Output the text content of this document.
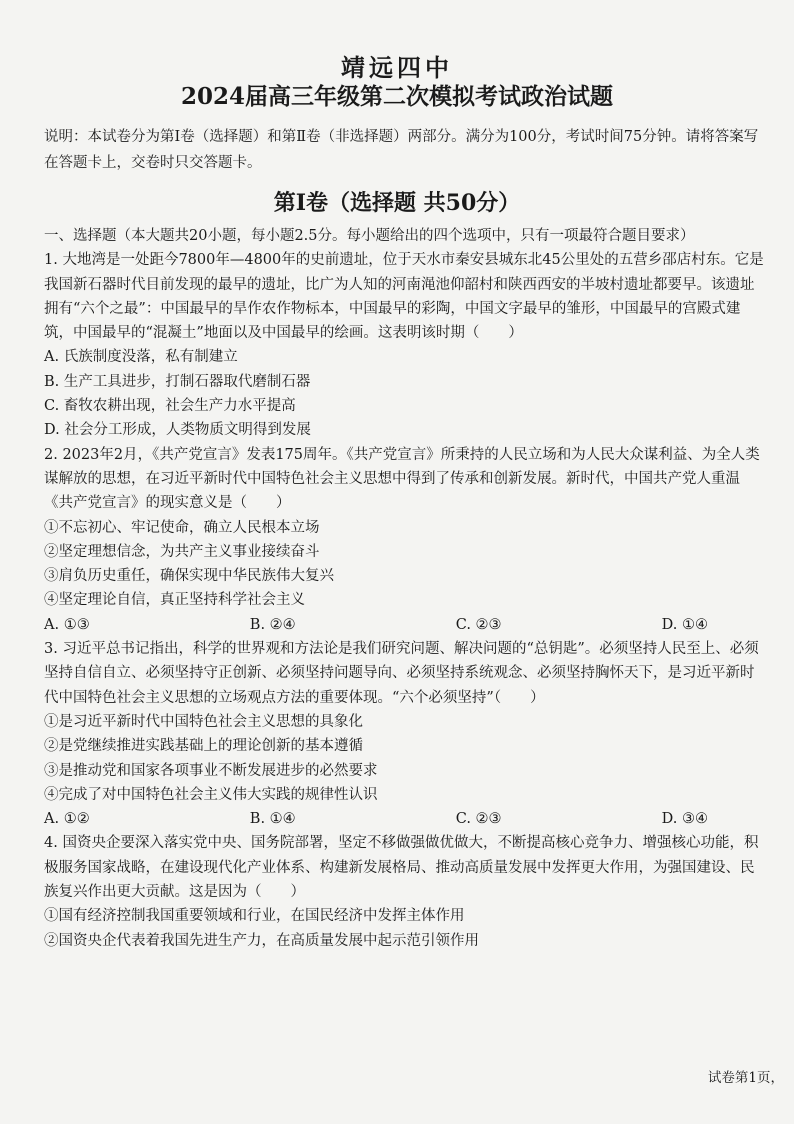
靖远四中
2024届高三年级第二次模拟考试政治试题
说明：本试卷分为第Ⅰ卷（选择题）和第Ⅱ卷（非选择题）两部分。满分为100分，考试时间75分钟。请将答案写在答题卡上，交卷时只交答题卡。
第Ⅰ卷（选择题 共50分）

一、选择题（本大题共20小题，每小题2.5分。每小题给出的四个选项中，只有一项最符合题目要求）

1. 大地湾是一处距今7800年—4800年的史前遗址，位于天水市秦安县城东北45公里处的五营乡邵店村东。它是我国新石器时代目前发现的最早的遗址，比广为人知的河南渑池仰韶村和陕西西安的半坡村遗址都要早。该遗址拥有“六个之最”：中国最早的旱作农作物标本，中国最早的彩陶，中国文字最早的雏形，中国最早的宫殿式建筑，中国最早的“混凝土”地面以及中国最早的绘画。这表明该时期（　　）

A. 氏族制度没落，私有制建立

B. 生产工具进步，打制石器取代磨制石器

C. 畜牧农耕出现，社会生产力水平提高

D. 社会分工形成，人类物质文明得到发展

2. 2023年2月，《共产党宣言》发表175周年。《共产党宣言》所秉持的人民立场和为人民大众谋利益、为全人类谋解放的思想，在习近平新时代中国特色社会主义思想中得到了传承和创新发展。新时代，中国共产党人重温《共产党宣言》的现实意义是（　　）

①不忘初心、牢记使命，确立人民根本立场

②坚定理想信念，为共产主义事业接续奋斗

③肩负历史重任，确保实现中华民族伟大复兴

④坚定理论自信，真正坚持科学社会主义

A. ①③	B. ②④	C. ②③	D. ①④

3. 习近平总书记指出，科学的世界观和方法论是我们研究问题、解决问题的“总钥匙”。必须坚持人民至上、必须坚持自信自立、必须坚持守正创新、必须坚持问题导向、必须坚持系统观念、必须坚持胸怀天下，是习近平新时代中国特色社会主义思想的立场观点方法的重要体现。“六个必须坚持”（　　）

①是习近平新时代中国特色社会主义思想的具象化

②是党继续推进实践基础上的理论创新的基本遵循

③是推动党和国家各项事业不断发展进步的必然要求

④完成了对中国特色社会主义伟大实践的规律性认识

A. ①②	B. ①④	C. ②③	D. ③④

4. 国资央企要深入落实党中央、国务院部署，坚定不移做强做优做大，不断提高核心竞争力、增强核心功能，积极服务国家战略，在建设现代化产业体系、构建新发展格局、推动高质量发展中发挥更大作用，为强国建设、民族复兴作出更大贡献。这是因为（　　）

①国有经济控制我国重要领域和行业，在国民经济中发挥主体作用

②国资央企代表着我国先进生产力，在高质量发展中起示范引领作用

试卷第1页，
